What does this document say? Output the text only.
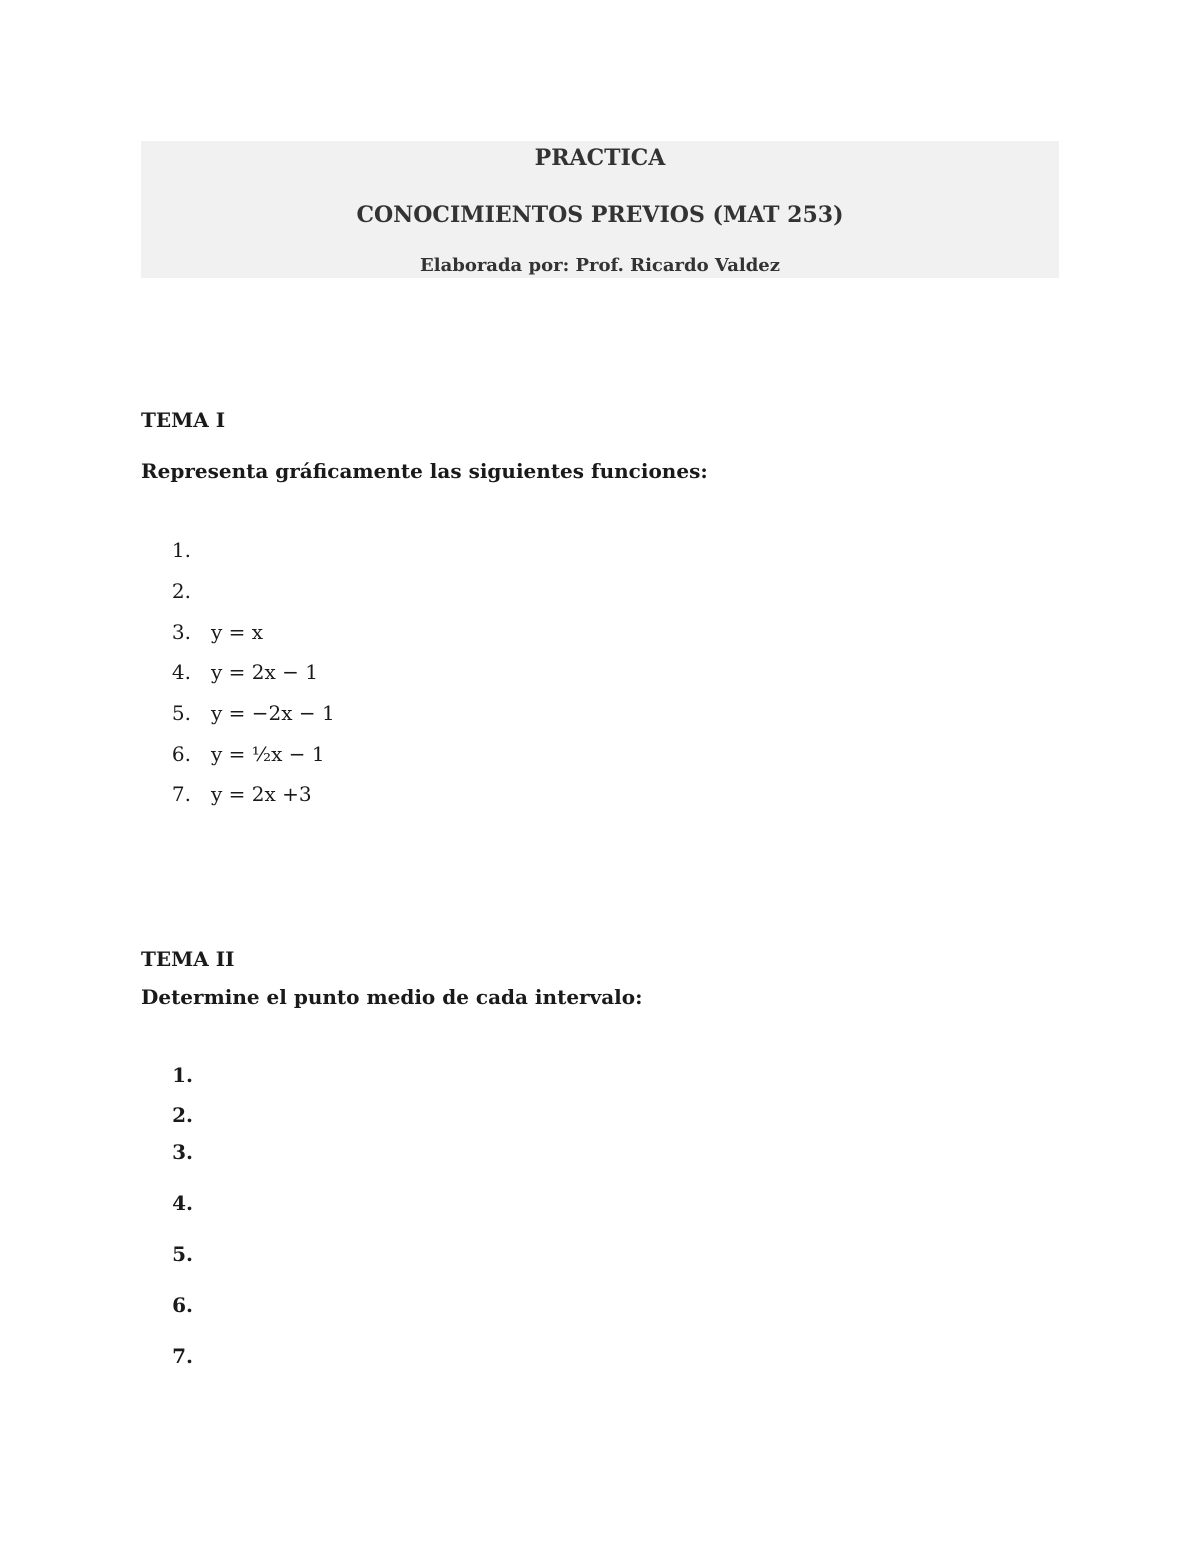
PRACTICA
CONOCIMIENTOS PREVIOS (MAT 253)
Elaborada por: Prof. Ricardo Valdez
TEMA I
Representa gráficamente las siguientes funciones:
1.
2.
3. y = x
4. y = 2x − 1
5. y = −2x − 1
6. y = ½x − 1
7. y = 2x +3
TEMA II
Determine el punto medio de cada intervalo:
1.
2.
3.
4.
5.
6.
7.
